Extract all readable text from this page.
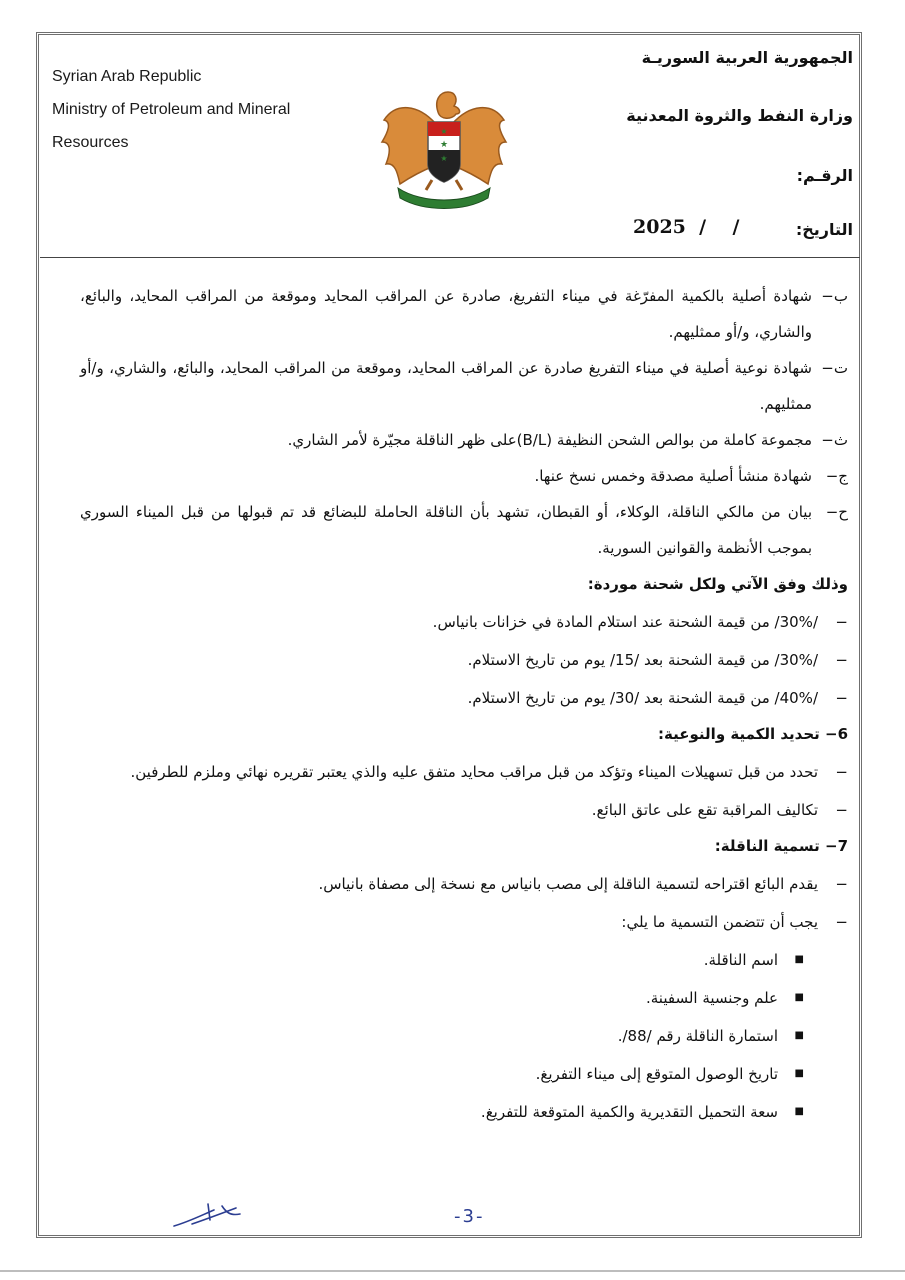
Syrian Arab Republic
Ministry of Petroleum and Mineral
Resources	★
★
★
الجمهورية العربية السوريـة
وزارة النفط والثروة المعدنية
الرقـم:
التاريخ:
2025  /    /
ب−
شهادة أصلية بالكمية المفرّغة في ميناء التفريغ، صادرة عن المراقب المحايد وموقعة من المراقب المحايد، والبائع، والشاري، و/أو ممثليهم.
ت−
شهادة نوعية أصلية في ميناء التفريغ صادرة عن المراقب المحايد، وموقعة من المراقب المحايد، والبائع، والشاري، و/أو ممثليهم.
ث−
مجموعة كاملة من بوالص الشحن النظيفة (B/L)على ظهر الناقلة مجيّرة لأمر الشاري.
ج−
شهادة منشأ أصلية مصدقة وخمس نسخ عنها.
ح−
بيان من مالكي الناقلة، الوكلاء، أو القبطان، تشهد بأن الناقلة الحاملة للبضائع قد تم قبولها من قبل الميناء السوري بموجب الأنظمة والقوانين السورية.
وذلك وفق الآتي ولكل شحنة موردة:
−
/30%/ من قيمة الشحنة عند استلام المادة في خزانات بانياس.
−
/30%/ من قيمة الشحنة بعد /15/ يوم من تاريخ الاستلام.
−
/40%/ من قيمة الشحنة بعد /30/ يوم من تاريخ الاستلام.
6− تحديد الكمية والنوعية:
−
تحدد من قبل تسهيلات الميناء وتؤكد من قبل مراقب محايد متفق عليه والذي يعتبر تقريره نهائي وملزم للطرفين.
−
تكاليف المراقبة تقع على عاتق البائع.
7− تسمية الناقلة:
−
يقدم البائع اقتراحه لتسمية الناقلة إلى مصب بانياس مع نسخة إلى مصفاة بانياس.
−
يجب أن تتضمن التسمية ما يلي:
■
اسم الناقلة.
■
علم وجنسية السفينة.
■
استمارة الناقلة رقم /88/.
■
تاريخ الوصول المتوقع إلى ميناء التفريغ.
■
سعة التحميل التقديرية والكمية المتوقعة للتفريغ.
-3-
